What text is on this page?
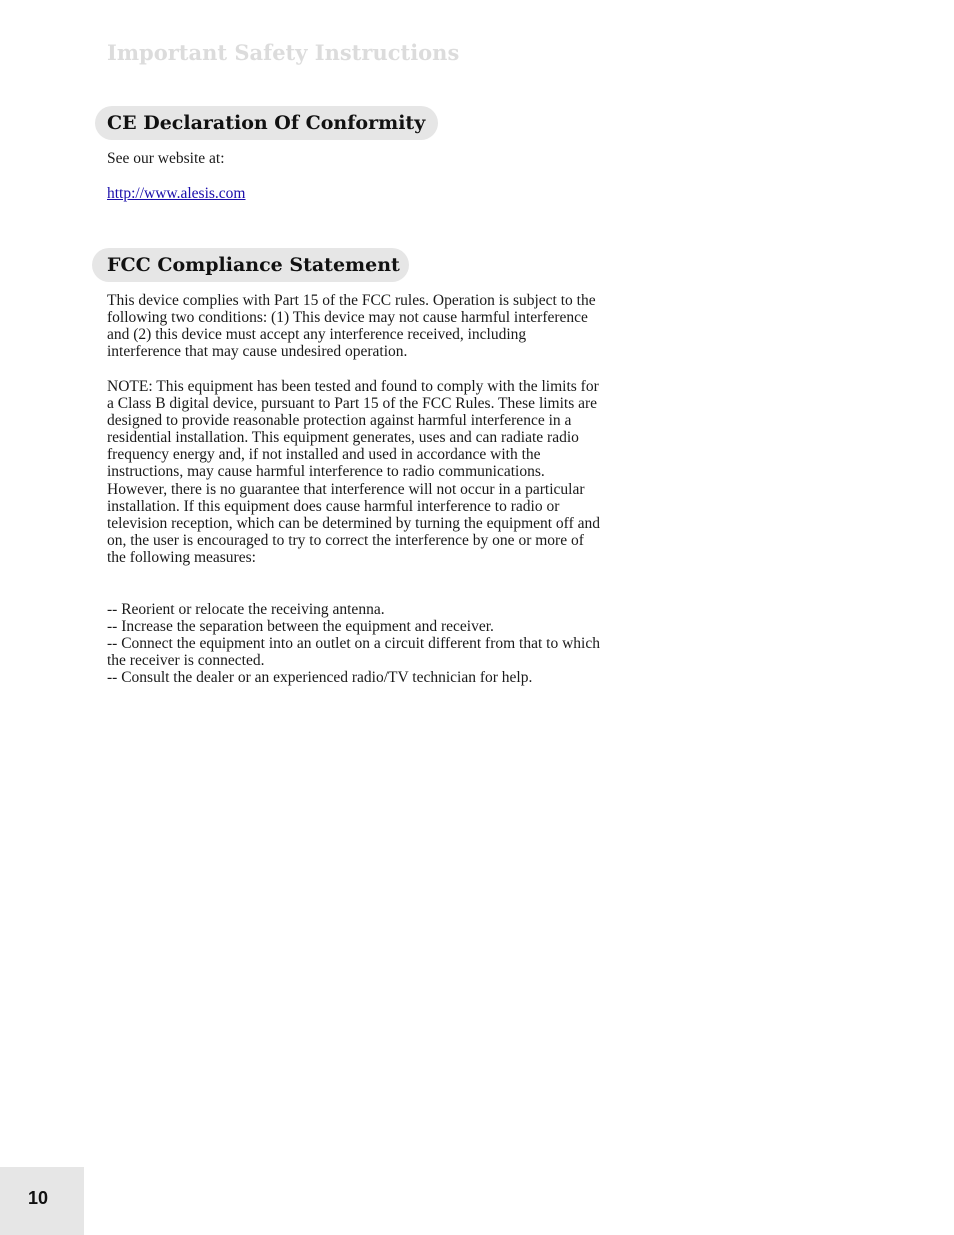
Important Safety Instructions
CE Declaration Of Conformity

See our website at:

http://www.alesis.com
FCC Compliance Statement

This device complies with Part 15 of the FCC rules. Operation is subject to the following two conditions: (1) This device may not cause harmful interference and (2) this device must accept any interference received, including interference that may cause undesired operation.

NOTE: This equipment has been tested and found to comply with the limits for a Class B digital device, pursuant to Part 15 of the FCC Rules. These limits are designed to provide reasonable protection against harmful interference in a residential installation. This equipment generates, uses and can radiate radio frequency energy and, if not installed and used in accordance with the instructions, may cause harmful interference to radio communications. However, there is no guarantee that interference will not occur in a particular installation. If this equipment does cause harmful interference to radio or television reception, which can be determined by turning the equipment off and on, the user is encouraged to try to correct the interference by one or more of the following measures:

-- Reorient or relocate the receiving antenna.
-- Increase the separation between the equipment and receiver.
-- Connect the equipment into an outlet on a circuit different from that to which the receiver is connected.
-- Consult the dealer or an experienced radio/TV technician for help.
10
